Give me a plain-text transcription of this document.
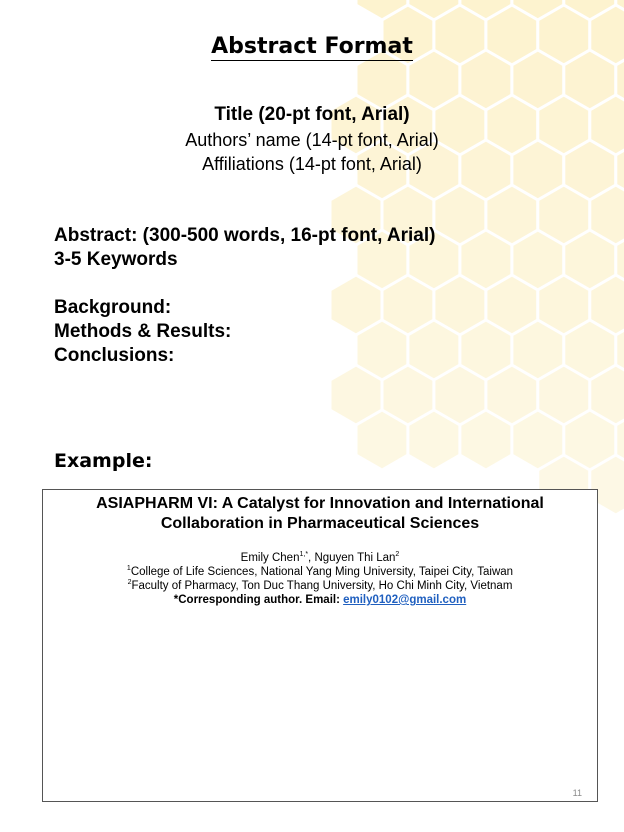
Abstract Format
Title (20-pt font, Arial)
Authors’ name (14-pt font, Arial)
Affiliations (14-pt font, Arial)
Abstract: (300-500 words, 16-pt font, Arial)
3-5 Keywords
Background:
Methods & Results:
Conclusions:
Example:
ASIAPHARM VI: A Catalyst for Innovation and International
Collaboration in Pharmaceutical Sciences
Emily Chen$^{1,*}$, Nguyen Thi Lan$^2$
$^1$College of Life Sciences, National Yang Ming University, Taipei City, Taiwan
$^2$Faculty of Pharmacy, Ton Duc Thang University, Ho Chi Minh City, Vietnam
*Corresponding author. Email: emily0102@gmail.com
11
